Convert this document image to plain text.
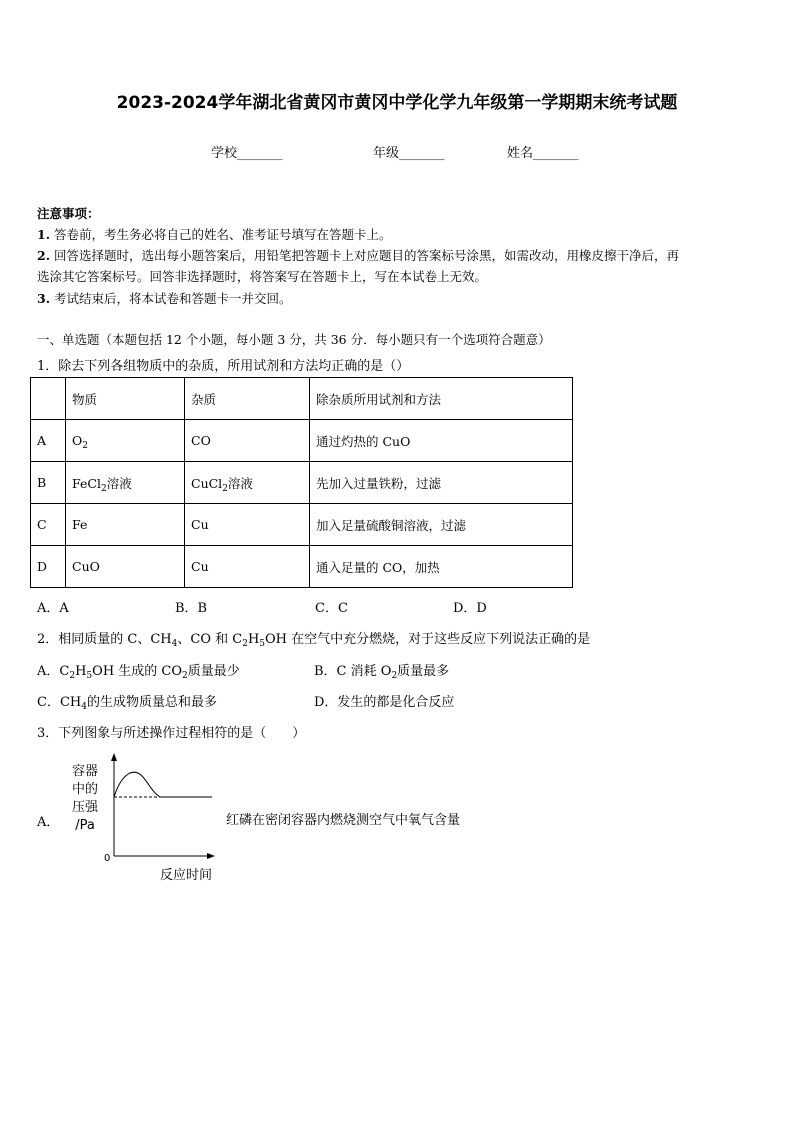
2023-2024学年湖北省黄冈市黄冈中学化学九年级第一学期期末统考试题
学校_______	年级_______	姓名_______
注意事项：
1. 答卷前，考生务必将自己的姓名、准考证号填写在答题卡上。
2. 回答选择题时，选出每小题答案后，用铅笔把答题卡上对应题目的答案标号涂黑，如需改动，用橡皮擦干净后，再
选涂其它答案标号。回答非选择题时，将答案写在答题卡上，写在本试卷上无效。
3. 考试结束后，将本试卷和答题卡一并交回。
一、单选题（本题包括 12 个小题，每小题 3 分，共 36 分．每小题只有一个选项符合题意）
1．除去下列各组物质中的杂质，所用试剂和方法均正确的是（）
	物质	杂质	除杂质所用试剂和方法
A	$O_2$	CO	通过灼热的 CuO
B	FeCl$_2$溶液	CuCl$_2$溶液	先加入过量铁粉，过滤
C	Fe	Cu	加入足量硫酸铜溶液，过滤
D	CuO	Cu	通入足量的 CO，加热
A．A	B．B	C．C	D．D
2．相同质量的 C、$CH_4$、CO 和 $C_2H_5OH$ 在空气中充分燃烧，对于这些反应下列说法正确的是
A．$C_2H_5OH$ 生成的 $CO_2$质量最少	B．C 消耗 $O_2$质量最多
C．$CH_4$的生成物质量总和最多	D．发生的都是化合反应
3．下列图象与所述操作过程相符的是（　　）
A．
容器
中的
压强
/Pa
0
反应时间
红磷在密闭容器内燃烧测空气中氧气含量
